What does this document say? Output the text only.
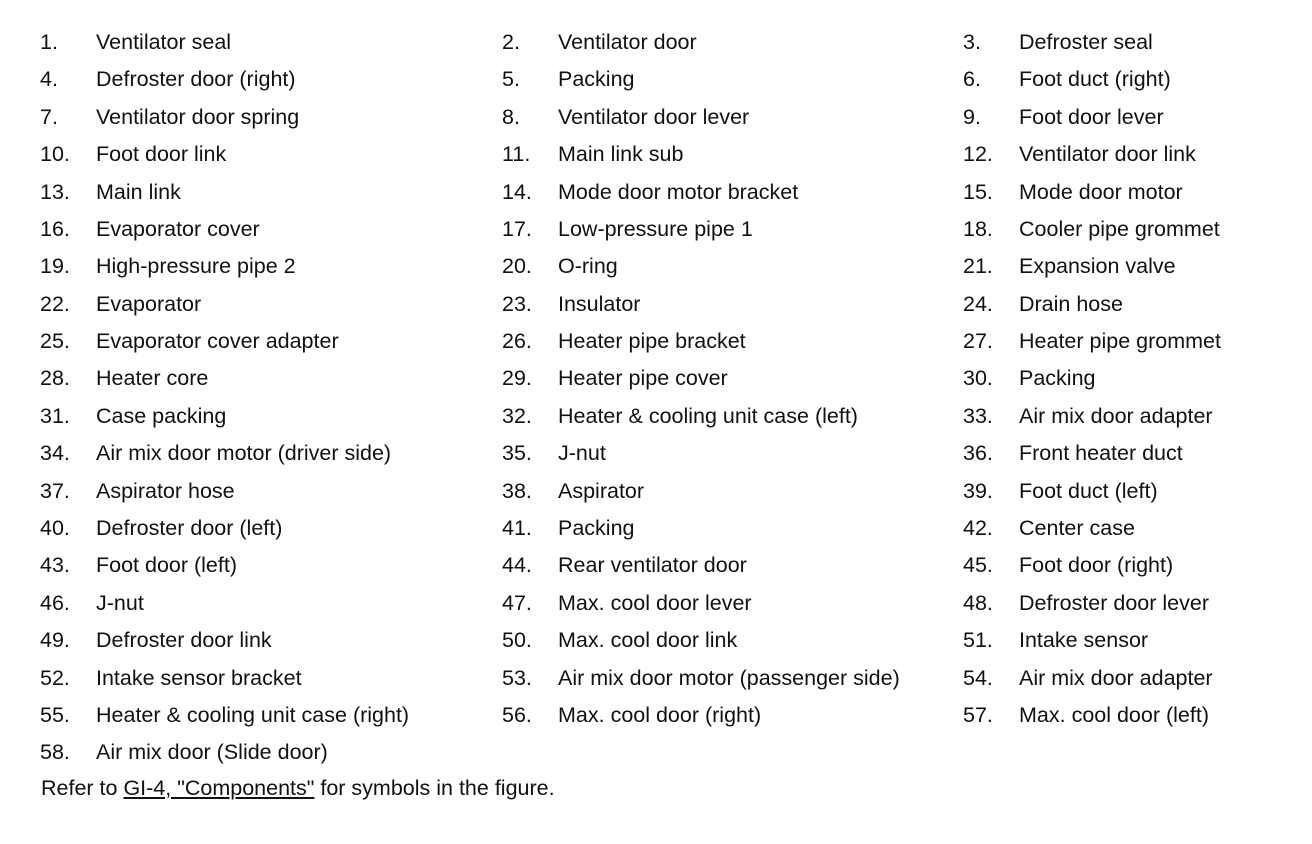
1.	Ventilator seal	2.	Ventilator door	3.	Defroster seal
4.	Defroster door (right)	5.	Packing	6.	Foot duct (right)
7.	Ventilator door spring	8.	Ventilator door lever	9.	Foot door lever
10.	Foot door link	11.	Main link sub	12.	Ventilator door link
13.	Main link	14.	Mode door motor bracket	15.	Mode door motor
16.	Evaporator cover	17.	Low-pressure pipe 1	18.	Cooler pipe grommet
19.	High-pressure pipe 2	20.	O-ring	21.	Expansion valve
22.	Evaporator	23.	Insulator	24.	Drain hose
25.	Evaporator cover adapter	26.	Heater pipe bracket	27.	Heater pipe grommet
28.	Heater core	29.	Heater pipe cover	30.	Packing
31.	Case packing	32.	Heater & cooling unit case (left)	33.	Air mix door adapter
34.	Air mix door motor (driver side)	35.	J-nut	36.	Front heater duct
37.	Aspirator hose	38.	Aspirator	39.	Foot duct (left)
40.	Defroster door (left)	41.	Packing	42.	Center case
43.	Foot door (left)	44.	Rear ventilator door	45.	Foot door (right)
46.	J-nut	47.	Max. cool door lever	48.	Defroster door lever
49.	Defroster door link	50.	Max. cool door link	51.	Intake sensor
52.	Intake sensor bracket	53.	Air mix door motor (passenger side)	54.	Air mix door adapter
55.	Heater & cooling unit case (right)	56.	Max. cool door (right)	57.	Max. cool door (left)
58.	Air mix door (Slide door)
Refer to GI-4, "Components" for symbols in the figure.
